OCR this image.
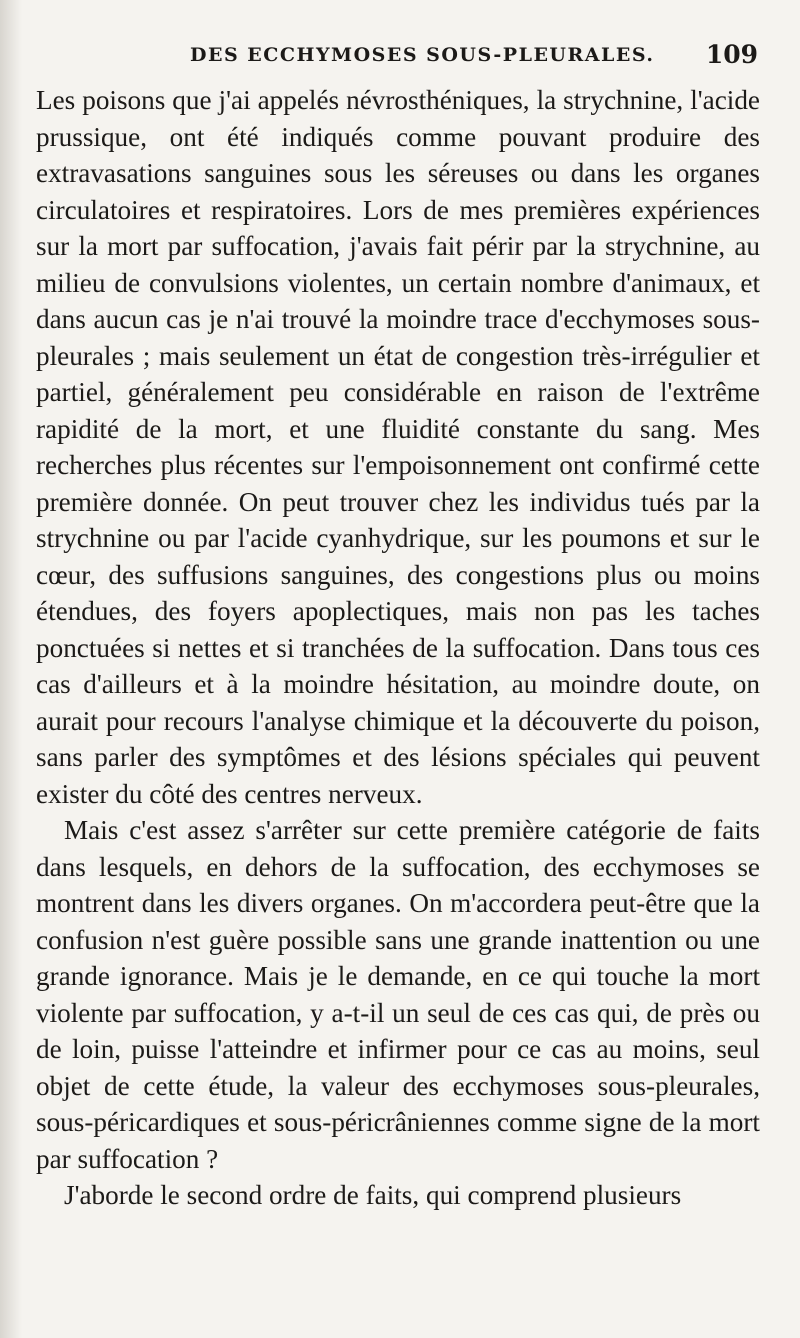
DES ECCHYMOSES SOUS-PLEURALES. 109

Les poisons que j'ai appelés névrosthéniques, la strychnine, l'acide prussique, ont été indiqués comme pouvant produire des extravasations sanguines sous les séreuses ou dans les organes circulatoires et respiratoires. Lors de mes premières expériences sur la mort par suffocation, j'avais fait périr par la strychnine, au milieu de convulsions violentes, un certain nombre d'animaux, et dans aucun cas je n'ai trouvé la moindre trace d'ecchymoses sous-pleurales ; mais seulement un état de congestion très-irrégulier et partiel, généralement peu considérable en raison de l'extrême rapidité de la mort, et une fluidité constante du sang. Mes recherches plus récentes sur l'empoisonnement ont confirmé cette première donnée. On peut trouver chez les individus tués par la strychnine ou par l'acide cyanhydrique, sur les poumons et sur le cœur, des suffusions sanguines, des congestions plus ou moins étendues, des foyers apoplectiques, mais non pas les taches ponctuées si nettes et si tranchées de la suffocation. Dans tous ces cas d'ailleurs et à la moindre hésitation, au moindre doute, on aurait pour recours l'analyse chimique et la découverte du poison, sans parler des symptômes et des lésions spéciales qui peuvent exister du côté des centres nerveux.

Mais c'est assez s'arrêter sur cette première catégorie de faits dans lesquels, en dehors de la suffocation, des ecchymoses se montrent dans les divers organes. On m'accordera peut-être que la confusion n'est guère possible sans une grande inattention ou une grande ignorance. Mais je le demande, en ce qui touche la mort violente par suffocation, y a-t-il un seul de ces cas qui, de près ou de loin, puisse l'atteindre et infirmer pour ce cas au moins, seul objet de cette étude, la valeur des ecchymoses sous-pleurales, sous-péricardiques et sous-péricrâniennes comme signe de la mort par suffocation ?

J'aborde le second ordre de faits, qui comprend plusieurs
